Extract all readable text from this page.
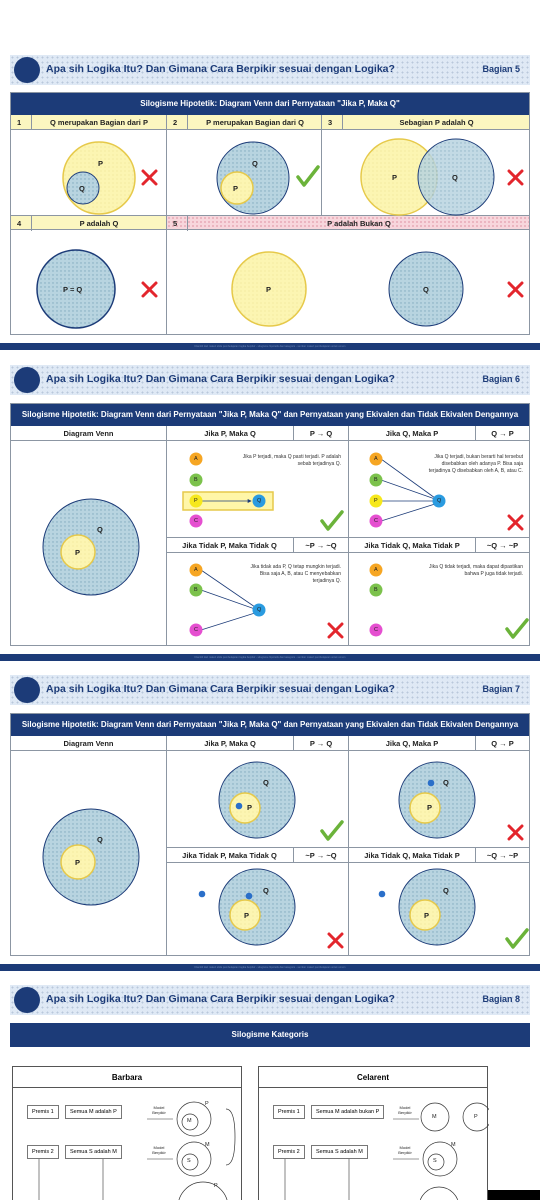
Apa sih Logika Itu? Dan Gimana Cara Berpikir sesuai dengan Logika?	Bagian 5
Silogisme Hipotetik: Diagram Venn dari Pernyataan "Jika P, Maka Q"
1	Q merupakan Bagian dari P	2	P merupakan Bagian dari Q	3	Sebagian P adalah Q
4	P adalah Q	5	P adalah Bukan Q
P
Q
Q
P
P	Q
P = Q	P	Q
Diambil dari materi slide pembelajaran logika berpikir - silogisme hipotetik dan kategoris - sumber materi pembelajaran untuk umum
Apa sih Logika Itu? Dan Gimana Cara Berpikir sesuai dengan Logika?	Bagian 6
Silogisme Hipotetik: Diagram Venn dari Pernyataan "Jika P, Maka Q" dan Pernyataan yang Ekivalen dan Tidak Ekivalen Dengannya
Diagram Venn	Jika P, Maka Q	P → Q	Jika Q, Maka P	Q → P
Jika Tidak P, Maka Tidak Q	~P → ~Q	Jika Tidak Q, Maka Tidak P	~Q → ~P
Jika P terjadi, maka Q pasti terjadi. P adalah sebab terjadinya Q.
Jika Q terjadi, bukan berarti hal tersebut disebabkan oleh adanya P. Bisa saja terjadinya Q disebabkan oleh A, B, atau C.
Jika tidak ada P, Q tetap mungkin terjadi. Bisa saja A, B, atau C menyebabkan terjadinya Q.
Jika Q tidak terjadi, maka dapat dipastikan bahwa P juga tidak terjadi.
Q
P
A
B
P
C
Q
A
B
P
C
Q
A
B
C
Q
A
B
C
Diambil dari materi slide pembelajaran logika berpikir - silogisme hipotetik dan kategoris - sumber materi pembelajaran untuk umum
Apa sih Logika Itu? Dan Gimana Cara Berpikir sesuai dengan Logika?	Bagian 7
Silogisme Hipotetik: Diagram Venn dari Pernyataan "Jika P, Maka Q" dan Pernyataan yang Ekivalen dan Tidak Ekivalen Dengannya
Diagram Venn	Jika P, Maka Q	P → Q	Jika Q, Maka P	Q → P
Jika Tidak P, Maka Tidak Q	~P → ~Q	Jika Tidak Q, Maka Tidak P	~Q → ~P
Q
P
Q
P
Q
P
Q
P
Q
P
Diambil dari materi slide pembelajaran logika berpikir - silogisme hipotetik dan kategoris - sumber materi pembelajaran untuk umum
Apa sih Logika Itu? Dan Gimana Cara Berpikir sesuai dengan Logika?	Bagian 8
Silogisme Kategoris
Barbara
Premis 1	Semua M adalah P
Premis 2	Semua S adalah M
Model Berpikir
Model Berpikir
M
P
S
M
P
Celarent
Premis 1	Semua M adalah bukan P
Premis 2	Semua S adalah M
Model Berpikir
Model Berpikir
M	P
S
M
